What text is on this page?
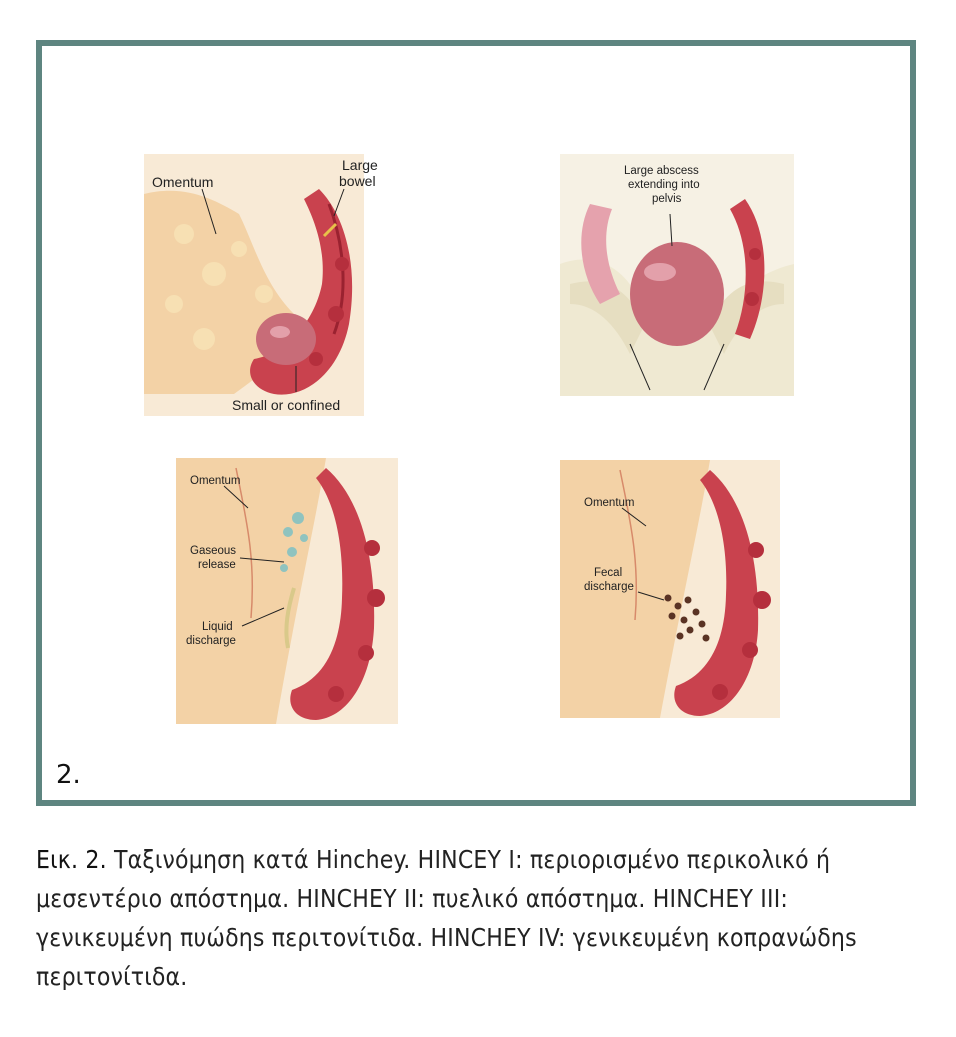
Omentum
Large
bowel
Small or confined
Large abscess
extending into
pelvis
Omentum
Gaseous
release
Liquid
discharge
Omentum
Fecal
discharge
2.
Εικ. 2. Ταξινόμηση κατά Hinchey. HINCEY I: περιορισμένο περικολικό ή μεσεντέριο απόστημα. HINCHEY II: πυελικό απόστημα. HINCHEY III: γενικευμένη πυώδηs περιτονίτιδα. HINCHEY IV: γενικευμένη κοπρανώδηs περιτονίτιδα.
